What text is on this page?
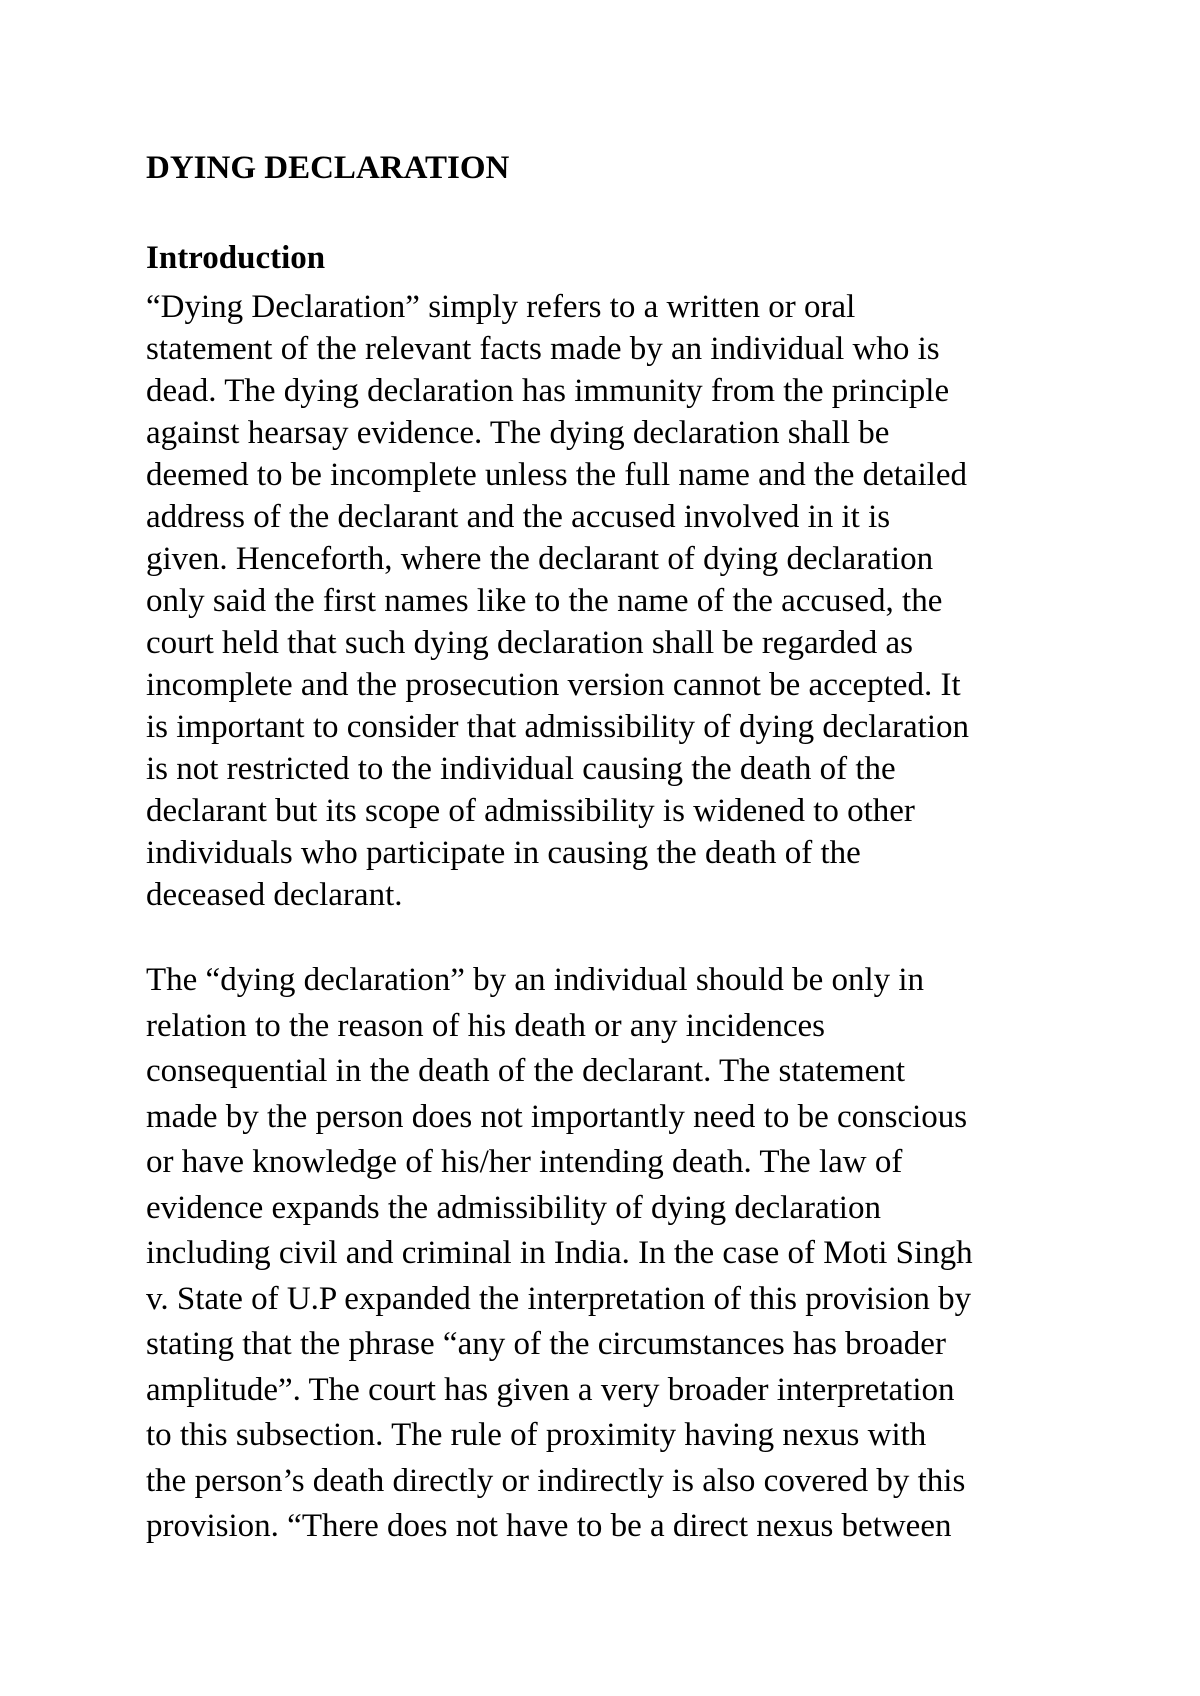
DYING DECLARATION
Introduction

“Dying Declaration” simply refers to a written or oral
statement of the relevant facts made by an individual who is
dead. The dying declaration has immunity from the principle
against hearsay evidence. The dying declaration shall be
deemed to be incomplete unless the full name and the detailed
address of the declarant and the accused involved in it is
given. Henceforth, where the declarant of dying declaration
only said the first names like to the name of the accused, the
court held that such dying declaration shall be regarded as
incomplete and the prosecution version cannot be accepted. It
is important to consider that admissibility of dying declaration
is not restricted to the individual causing the death of the
declarant but its scope of admissibility is widened to other
individuals who participate in causing the death of the
deceased declarant.

The “dying declaration” by an individual should be only in
relation to the reason of his death or any incidences
consequential in the death of the declarant. The statement
made by the person does not importantly need to be conscious
or have knowledge of his/her intending death. The law of
evidence expands the admissibility of dying declaration
including civil and criminal in India. In the case of Moti Singh
v. State of U.P expanded the interpretation of this provision by
stating that the phrase “any of the circumstances has broader
amplitude”. The court has given a very broader interpretation
to this subsection. The rule of proximity having nexus with
the person’s death directly or indirectly is also covered by this
provision. “There does not have to be a direct nexus between
